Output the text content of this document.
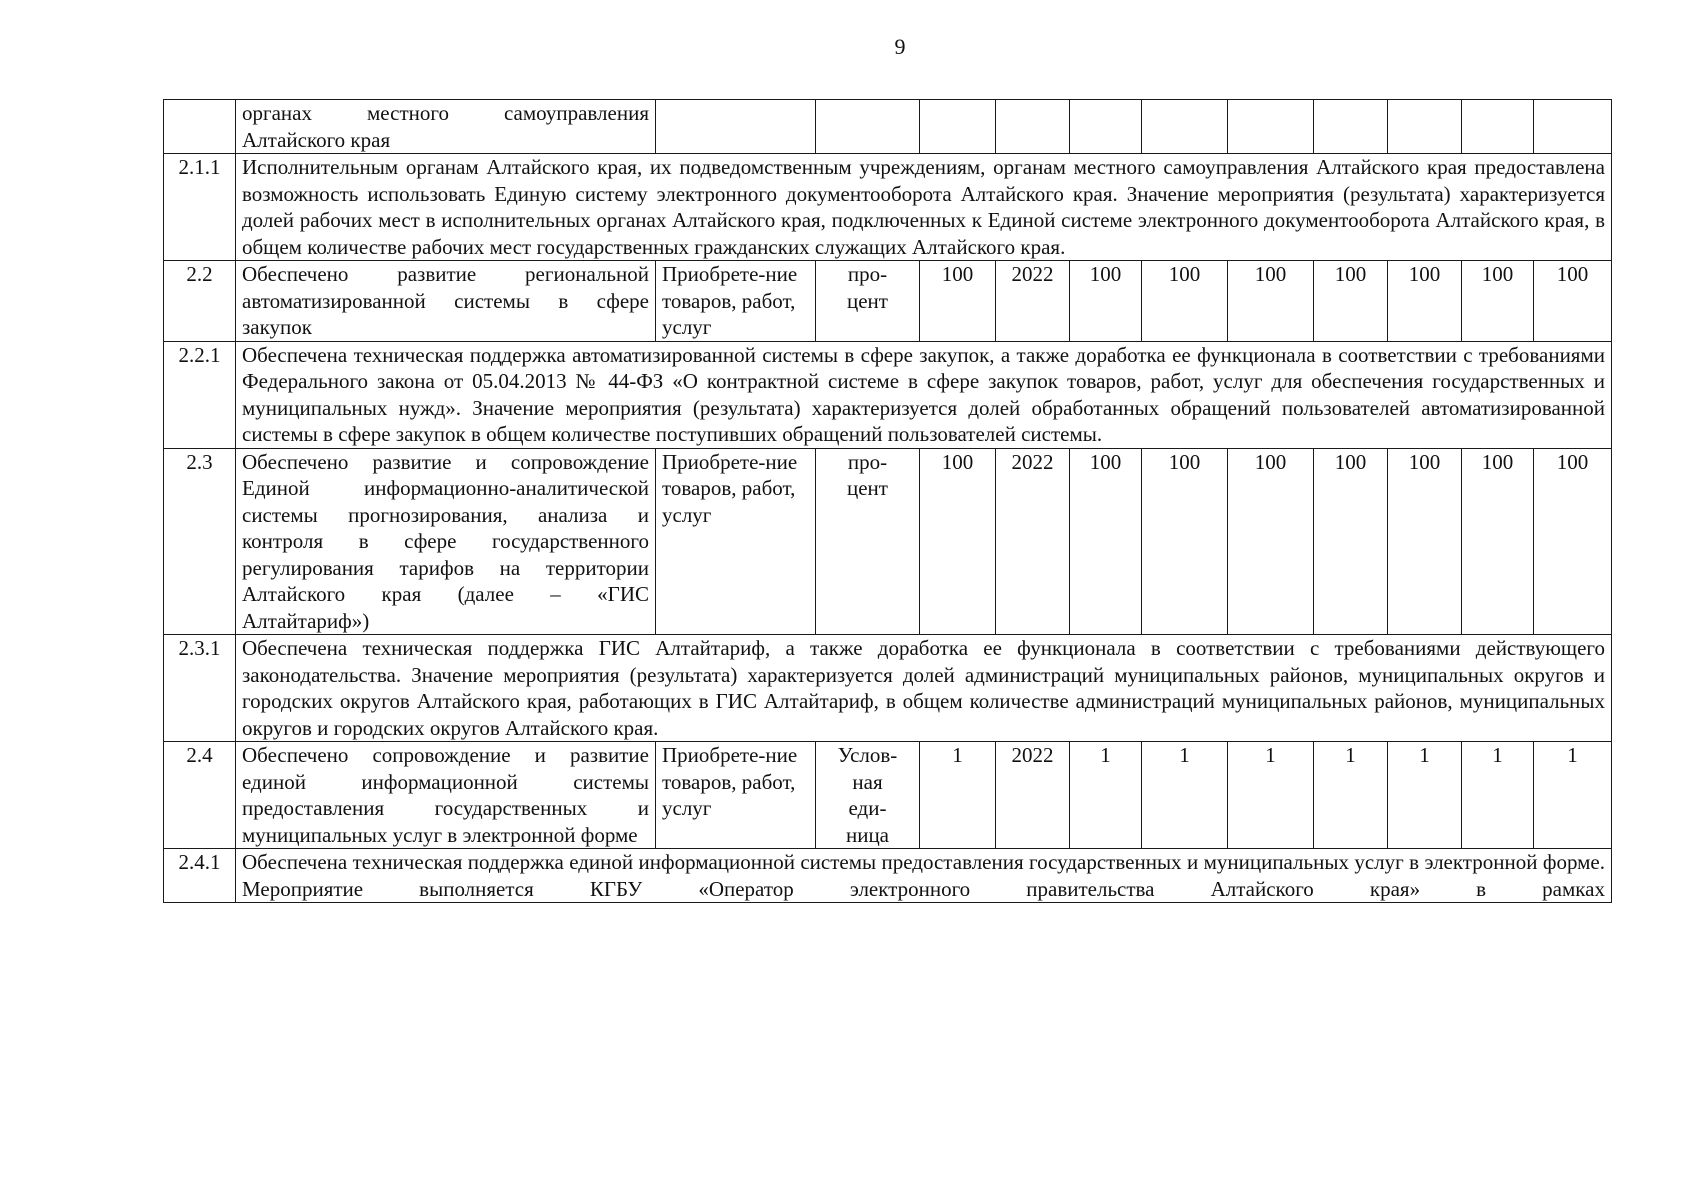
9
	органах местного самоуправления Алтайского края											
2.1.1	Исполнительным органам Алтайского края, их подведомственным учреждениям, органам местного самоуправления Алтайского края предоставлена возможность использовать Единую систему электронного документооборота Алтайского края. Значение мероприятия (результата) характеризуется долей рабочих мест в исполнительных органах Алтайского края, подключенных к Единой системе электронного документооборота Алтайского края, в общем количестве рабочих мест государственных гражданских служащих Алтайского края.											
2.2	Обеспечено развитие региональной автоматизированной системы в сфере закупок	Приобрете-ние товаров, работ, услуг	про-цент	100	2022	100	100	100	100	100	100	100
2.2.1	Обеспечена техническая поддержка автоматизированной системы в сфере закупок, а также доработка ее функционала в соответствии с требованиями Федерального закона от 05.04.2013 № 44-ФЗ «О контрактной системе в сфере закупок товаров, работ, услуг для обеспечения государственных и муниципальных нужд». Значение мероприятия (результата) характеризуется долей обработанных обращений пользователей автоматизированной системы в сфере закупок в общем количестве поступивших обращений пользователей системы.											
2.3	Обеспечено развитие и сопровождение Единой информационно-аналитической системы прогнозирования, анализа и контроля в сфере государственного регулирования тарифов на территории Алтайского края (далее – «ГИС Алтайтариф»)	Приобрете-ние товаров, работ, услуг	про-цент	100	2022	100	100	100	100	100	100	100
2.3.1	Обеспечена техническая поддержка ГИС Алтайтариф, а также доработка ее функционала в соответствии с требованиями действующего законодательства. Значение мероприятия (результата) характеризуется долей администраций муниципальных районов, муниципальных округов и городских округов Алтайского края, работающих в ГИС Алтайтариф, в общем количестве администраций муниципальных районов, муниципальных округов и городских округов Алтайского края.											
2.4	Обеспечено сопровождение и развитие единой информационной системы предоставления государственных и муниципальных услуг в электронной форме	Приобрете-ние товаров, работ, услуг	Услов-ная еди-ница	1	2022	1	1	1	1	1	1	1
2.4.1	Обеспечена техническая поддержка единой информационной системы предоставления государственных и муниципальных услуг в электронной форме. Мероприятие выполняется КГБУ «Оператор электронного правительства Алтайского края» в рамках											
